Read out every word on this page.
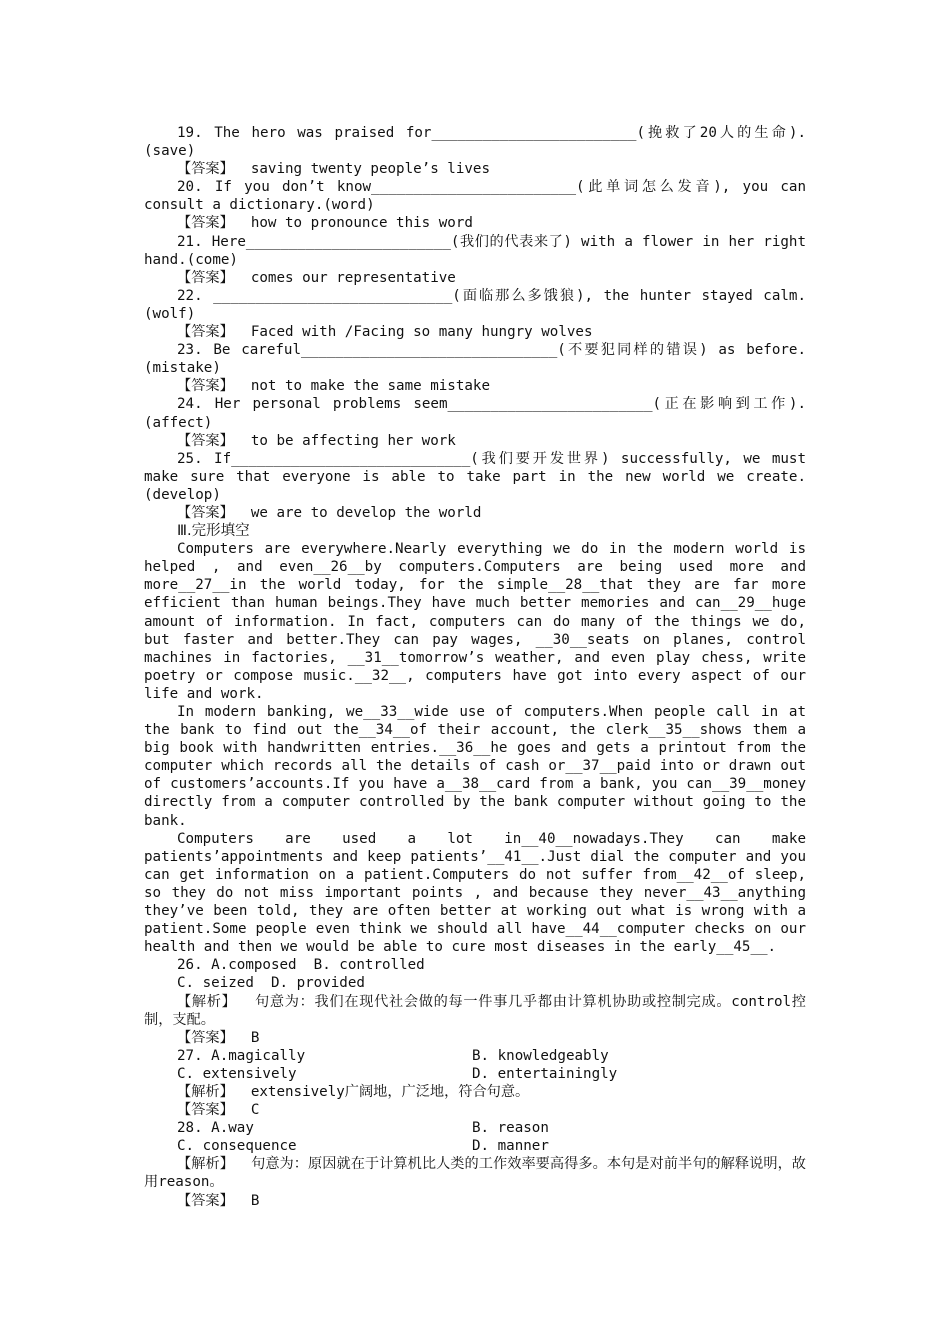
19. The hero was praised for________________________(挽救了20人的生命).(save)

【答案】  saving twenty people’s lives

20. If you don’t know________________________(此单词怎么发音), you can consult a dictionary.(word)

【答案】  how to pronounce this word

21. Here________________________(我们的代表来了) with a flower in her right hand.(come)

【答案】  comes our representative

22. ____________________________(面临那么多饿狼), the hunter stayed calm.(wolf)

【答案】  Faced with /Facing so many hungry wolves

23. Be careful______________________________(不要犯同样的错误) as before.(mistake)

【答案】  not to make the same mistake

24. Her personal problems seem________________________(正在影响到工作).(affect)

【答案】  to be affecting her work

25. If____________________________(我们要开发世界) successfully, we must make sure that everyone is able to take part in the new world we create.(develop)

【答案】  we are to develop the world

Ⅲ.完形填空

Computers are everywhere.Nearly everything we do in the modern world is helped , and even__26__by computers.Computers are being used more and more__27__in the world today, for the simple__28__that they are far more efficient than human beings.They have much better memories and can__29__huge amount of information. In fact, computers can do many of the things we do, but faster and better.They can pay wages, __30__seats on planes, control machines in factories, __31__tomorrow’s weather, and even play chess, write poetry or compose music.__32__, computers have got into every aspect of our life and work.

In modern banking, we__33__wide use of computers.When people call in at the bank to find out the__34__of their account, the clerk__35__shows them a big book with handwritten entries.__36__he goes and gets a printout from the computer which records all the details of cash or__37__paid into or drawn out of customers’accounts.If you have a__38__card from a bank, you can__39__money directly from a computer controlled by the bank computer without going to the bank.

Computers are used a lot in__40__nowadays.They can make patients’appointments and keep patients’__41__.Just dial the computer and you can get information on a patient.Computers do not suffer from__42__of sleep, so they do not miss important points , and because they never__43__anything they’ve been told, they are often better at working out what is wrong with a patient.Some people even think we should all have__44__computer checks on our health and then we would be able to cure most diseases in the early__45__.

26. A.composed  B. controlled

C. seized  D. provided

【解析】  句意为：我们在现代社会做的每一件事几乎都由计算机协助或控制完成。control控制，支配。

【答案】  B

27. A.magically	B. knowledgeably
C. extensively	D. entertainingly

【解析】  extensively广阔地，广泛地，符合句意。

【答案】  C

28. A.way	B. reason
C. consequence	D. manner

【解析】  句意为：原因就在于计算机比人类的工作效率要高得多。本句是对前半句的解释说明，故用reason。

【答案】  B
